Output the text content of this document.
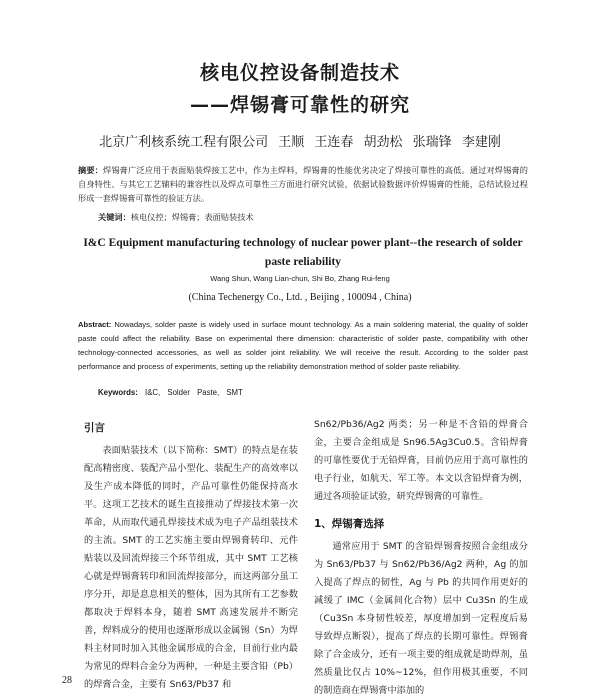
核电仪控设备制造技术
——焊锡膏可靠性的研究
北京广利核系统工程有限公司 王顺 王连春 胡劲松 张瑞锋 李建刚
摘要：焊锡膏广泛应用于表面贴装焊接工艺中，作为主焊料，焊锡膏的性能优劣决定了焊接可靠性的高低。通过对焊锡膏的自身特性、与其它工艺辅料的兼容性以及焊点可靠性三方面进行研究试验，依据试验数据评价焊锡膏的性能，总结试验过程形成一套焊锡膏可靠性的验证方法。
关键词：核电仪控；焊锡膏；表面贴装技术
I&C Equipment manufacturing technology of nuclear power plant--the research of solder paste reliability
Wang Shun, Wang Lian-chun, Shi Bo, Zhang Rui-feng
(China Techenergy Co., Ltd. , Beijing , 100094 , China)
Abstract: Nowadays, solder paste is widely used in surface mount technology. As a main soldering material, the quality of solder paste could affect the reliability. Base on experimental there dimension: characteristic of solder paste, compatibility with other technology-connected accessories, as well as solder joint reliability. We will receive the result. According to the solder past performance and process of experiments, setting up the reliability demonstration method of solder paste reliability.
Keywords: I&C, Solder Paste, SMT
引言

表面贴装技术（以下简称：SMT）的特点是在装配高精密度、装配产品小型化、装配生产的高效率以及生产成本降低的同时，产品可靠性仍能保持高水平。这项工艺技术的诞生直接推动了焊接技术第一次革命，从而取代通孔焊接技术成为电子产品组装技术的主流。SMT 的工艺实施主要由焊锡膏转印、元件贴装以及回流焊接三个环节组成，其中 SMT 工艺核心就是焊锡膏转印和回流焊接部分，而这两部分虽工序分开，却是息息相关的整体，因为其所有工艺参数都取决于焊料本身，随着 SMT 高速发展并不断完善，焊料成分的使用也逐渐形成以金属锡（Sn）为焊料主材同时加入其他金属形成的合金，目前行业内最为常见的焊料合金分为两种，一种是主要含铅（Pb）的焊膏合金，主要有 Sn63/Pb37 和

Sn62/Pb36/Ag2 两类；另一种是不含铅的焊膏合金，主要合金组成是 Sn96.5Ag3Cu0.5。含铅焊膏的可靠性要优于无铅焊膏，目前仍应用于高可靠性的电子行业，如航天、军工等。本文以含铅焊膏为例，通过各项验证试验，研究焊锡膏的可靠性。

1、焊锡膏选择

通常应用于 SMT 的含铅焊锡膏按照合金组成分为 Sn63/Pb37 与 Sn62/Pb36/Ag2 两种，Ag 的加入提高了焊点的韧性，Ag 与 Pb 的共同作用更好的减缓了 IMC（金属间化合物）层中 Cu3Sn 的生成（Cu3Sn 本身韧性较差，厚度增加到一定程度后易导致焊点断裂），提高了焊点的长期可靠性。焊锡膏除了合金成分，还有一项主要的组成就是助焊剂，虽然质量比仅占 10%~12%，但作用极其重要，不同的制造商在焊锡膏中添加的

28
